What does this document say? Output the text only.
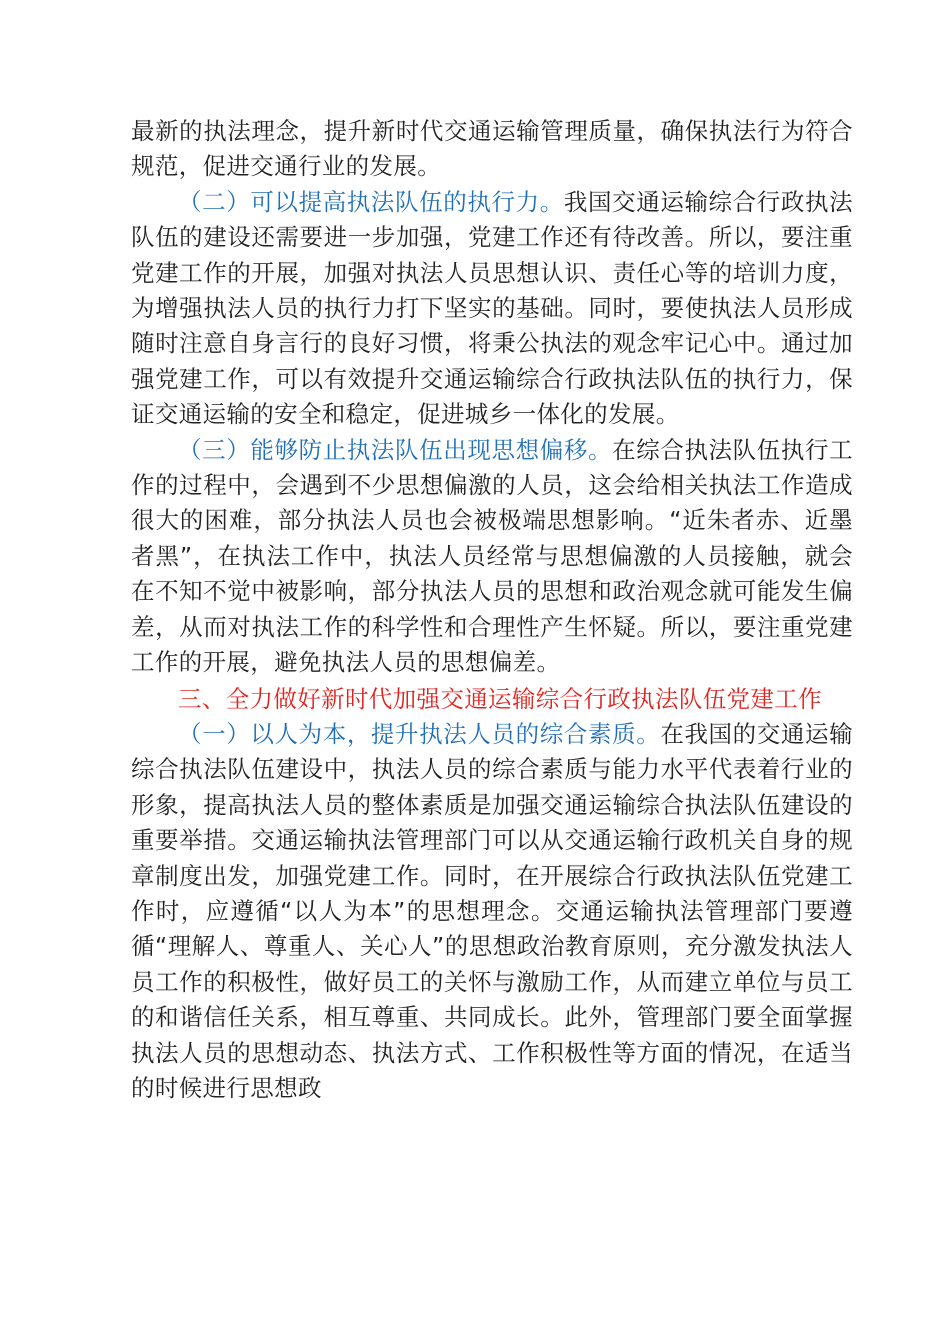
最新的执法理念，提升新时代交通运输管理质量，确保执法行为符合规范，促进交通行业的发展。

（二）可以提高执法队伍的执行力。我国交通运输综合行政执法队伍的建设还需要进一步加强，党建工作还有待改善。所以，要注重党建工作的开展，加强对执法人员思想认识、责任心等的培训力度，为增强执法人员的执行力打下坚实的基础。同时，要使执法人员形成随时注意自身言行的良好习惯，将秉公执法的观念牢记心中。通过加强党建工作，可以有效提升交通运输综合行政执法队伍的执行力，保证交通运输的安全和稳定，促进城乡一体化的发展。

（三）能够防止执法队伍出现思想偏移。在综合执法队伍执行工作的过程中，会遇到不少思想偏激的人员，这会给相关执法工作造成很大的困难，部分执法人员也会被极端思想影响。“近朱者赤、近墨者黑”，在执法工作中，执法人员经常与思想偏激的人员接触，就会在不知不觉中被影响，部分执法人员的思想和政治观念就可能发生偏差，从而对执法工作的科学性和合理性产生怀疑。所以，要注重党建工作的开展，避免执法人员的思想偏差。

三、全力做好新时代加强交通运输综合行政执法队伍党建工作

（一）以人为本，提升执法人员的综合素质。在我国的交通运输综合执法队伍建设中，执法人员的综合素质与能力水平代表着行业的形象，提高执法人员的整体素质是加强交通运输综合执法队伍建设的重要举措。交通运输执法管理部门可以从交通运输行政机关自身的规章制度出发，加强党建工作。同时，在开展综合行政执法队伍党建工作时，应遵循“以人为本”的思想理念。交通运输执法管理部门要遵循“理解人、尊重人、关心人”的思想政治教育原则，充分激发执法人员工作的积极性，做好员工的关怀与激励工作，从而建立单位与员工的和谐信任关系，相互尊重、共同成长。此外，管理部门要全面掌握执法人员的思想动态、执法方式、工作积极性等方面的情况，在适当的时候进行思想政
